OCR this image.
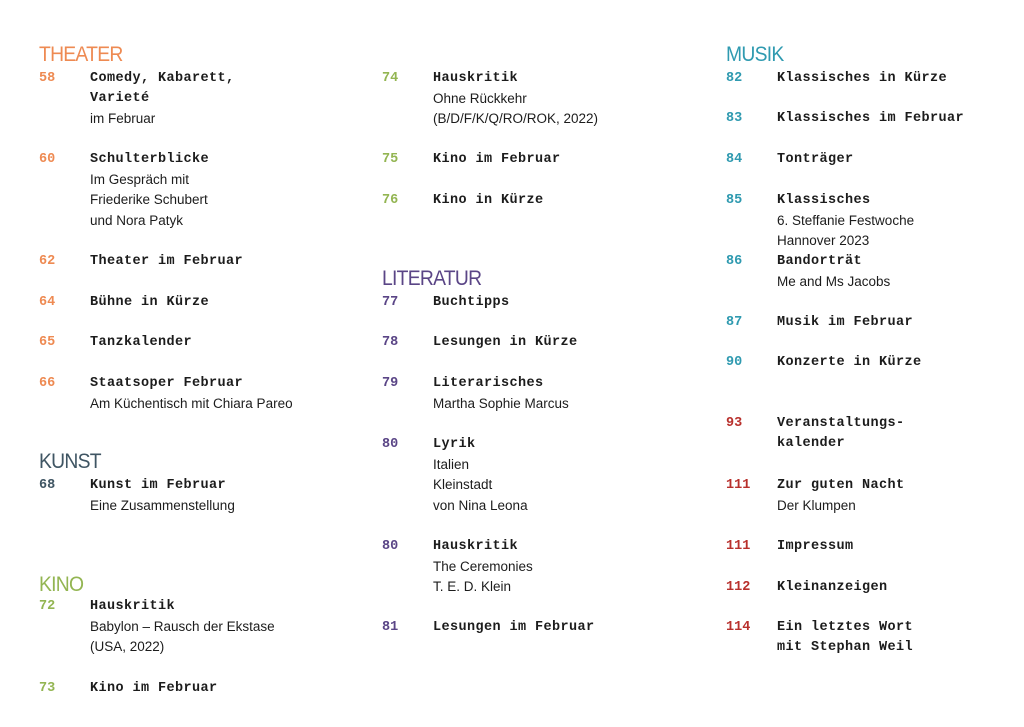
THEATER
KUNST
KINO
LITERATUR
MUSIK
58	Comedy, Kabarett,
Varieté
im Februar
60	Schulterblicke
Im Gespräch mit
Friederike Schubert
und Nora Patyk
62	Theater im Februar
64	Bühne in Kürze
65	Tanzkalender
66	Staatsoper Februar
Am Küchentisch mit Chiara Pareo
68	Kunst im Februar
Eine Zusammenstellung
72	Hauskritik
Babylon – Rausch der Ekstase
(USA, 2022)
73	Kino im Februar
74	Hauskritik
Ohne Rückkehr
(B/D/F/K/Q/RO/ROK, 2022)
75	Kino im Februar
76	Kino in Kürze
77	Buchtipps
78	Lesungen in Kürze
79	Literarisches
Martha Sophie Marcus
80	Lyrik
Italien
Kleinstadt
von Nina Leona
80	Hauskritik
The Ceremonies
T. E. D. Klein
81	Lesungen im Februar
82	Klassisches in Kürze
83	Klassisches im Februar
84	Tonträger
85	Klassisches
6. Steffanie Festwoche
Hannover 2023
86	Bandorträt
Me and Ms Jacobs
87	Musik im Februar
90	Konzerte in Kürze
93	Veranstaltungs-
kalender
111 Zur guten Nacht
Der Klumpen
111 Impressum
112 Kleinanzeigen
114 Ein letztes Wort
mit Stephan Weil
